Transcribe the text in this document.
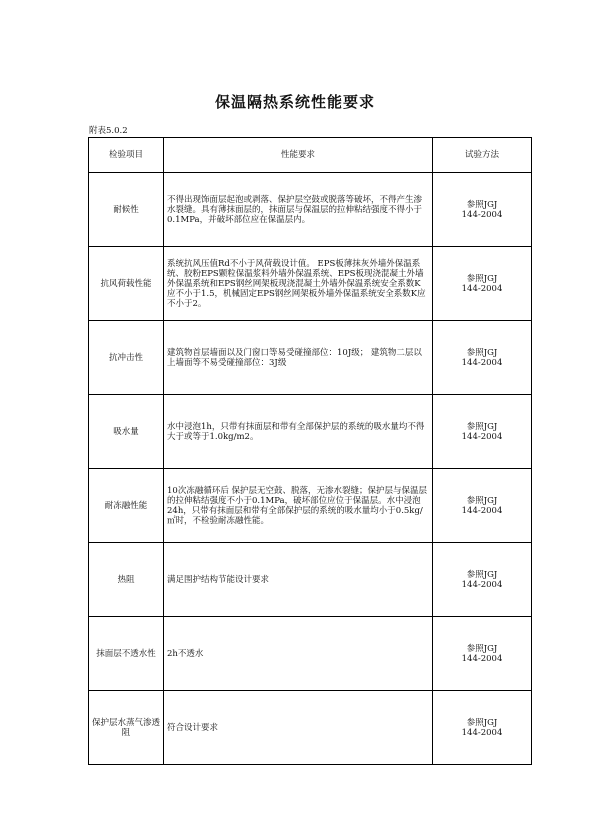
保温隔热系统性能要求
附表5.0.2
检验项目	性能要求	试验方法
耐候性	不得出现饰面层起泡或剥落、保护层空鼓或脱落等破坏，不得产生渗水裂缝。具有薄抹面层的，抹面层与保温层的拉伸粘结强度不得小于0.1MPa，并破坏部位应在保温层内。	参照JGJ
144-2004
抗风荷载性能	系统抗风压值Rd不小于风荷载设计值。 EPS板薄抹灰外墙外保温系统、胶粉EPS颗粒保温浆料外墙外保温系统、EPS板现浇混凝土外墙外保温系统和EPS钢丝网架板现浇混凝土外墙外保温系统安全系数K应不小于1.5，机械固定EPS钢丝网架板外墙外保温系统安全系数K应不小于2。	参照JGJ
144-2004
抗冲击性	建筑物首层墙面以及门窗口等易受碰撞部位：10J级； 建筑物二层以上墙面等不易受碰撞部位：3J级	参照JGJ
144-2004
吸水量	水中浸泡1h，只带有抹面层和带有全部保护层的系统的吸水量均不得大于或等于1.0kg/m2。	参照JGJ
144-2004
耐冻融性能	10次冻融循环后 保护层无空鼓、脱落，无渗水裂缝；保护层与保温层的拉伸粘结强度不小于0.1MPa，破坏部位应位于保温层。水中浸泡24h，只带有抹面层和带有全部保护层的系统的吸水量均小于0.5kg/㎡时，不检验耐冻融性能。	参照JGJ
144-2004
热阻	满足围护结构节能设计要求	参照JGJ
144-2004
抹面层不透水性	2h不透水	参照JGJ
144-2004
保护层水蒸气渗透阻	符合设计要求	参照JGJ
144-2004
